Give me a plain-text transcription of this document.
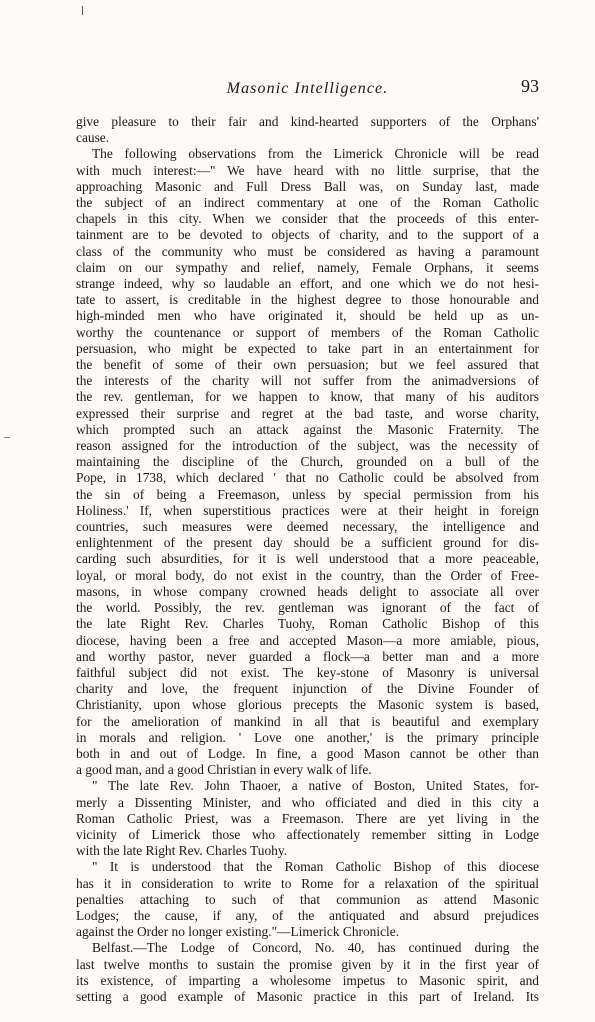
Masonic Intelligence.	93
give pleasure to their fair and kind-hearted supporters of the Orphans'
cause.
The following observations from the Limerick Chronicle will be read
with much interest:—" We have heard with no little surprise, that the
approaching Masonic and Full Dress Ball was, on Sunday last, made
the subject of an indirect commentary at one of the Roman Catholic
chapels in this city. When we consider that the proceeds of this enter-
tainment are to be devoted to objects of charity, and to the support of a
class of the community who must be considered as having a paramount
claim on our sympathy and relief, namely, Female Orphans, it seems
strange indeed, why so laudable an effort, and one which we do not hesi-
tate to assert, is creditable in the highest degree to those honourable and
high-minded men who have originated it, should be held up as un-
worthy the countenance or support of members of the Roman Catholic
persuasion, who might be expected to take part in an entertainment for
the benefit of some of their own persuasion; but we feel assured that
the interests of the charity will not suffer from the animadversions of
the rev. gentleman, for we happen to know, that many of his auditors
expressed their surprise and regret at the bad taste, and worse charity,
which prompted such an attack against the Masonic Fraternity. The
reason assigned for the introduction of the subject, was the necessity of
maintaining the discipline of the Church, grounded on a bull of the
Pope, in 1738, which declared ' that no Catholic could be absolved from
the sin of being a Freemason, unless by special permission from his
Holiness.' If, when superstitious practices were at their height in foreign
countries, such measures were deemed necessary, the intelligence and
enlightenment of the present day should be a sufficient ground for dis-
carding such absurdities, for it is well understood that a more peaceable,
loyal, or moral body, do not exist in the country, than the Order of Free-
masons, in whose company crowned heads delight to associate all over
the world. Possibly, the rev. gentleman was ignorant of the fact of
the late Right Rev. Charles Tuohy, Roman Catholic Bishop of this
diocese, having been a free and accepted Mason—a more amiable, pious,
and worthy pastor, never guarded a flock—a better man and a more
faithful subject did not exist. The key-stone of Masonry is universal
charity and love, the frequent injunction of the Divine Founder of
Christianity, upon whose glorious precepts the Masonic system is based,
for the amelioration of mankind in all that is beautiful and exemplary
in morals and religion. ' Love one another,' is the primary principle
both in and out of Lodge. In fine, a good Mason cannot be other than
a good man, and a good Christian in every walk of life.
" The late Rev. John Thaoer, a native of Boston, United States, for-
merly a Dissenting Minister, and who officiated and died in this city a
Roman Catholic Priest, was a Freemason. There are yet living in the
vicinity of Limerick those who affectionately remember sitting in Lodge
with the late Right Rev. Charles Tuohy.
" It is understood that the Roman Catholic Bishop of this diocese
has it in consideration to write to Rome for a relaxation of the spiritual
penalties attaching to such of that communion as attend Masonic
Lodges; the cause, if any, of the antiquated and absurd prejudices
against the Order no longer existing."—Limerick Chronicle.
Belfast.—The Lodge of Concord, No. 40, has continued during the
last twelve months to sustain the promise given by it in the first year of
its existence, of imparting a wholesome impetus to Masonic spirit, and
setting a good example of Masonic practice in this part of Ireland. Its
